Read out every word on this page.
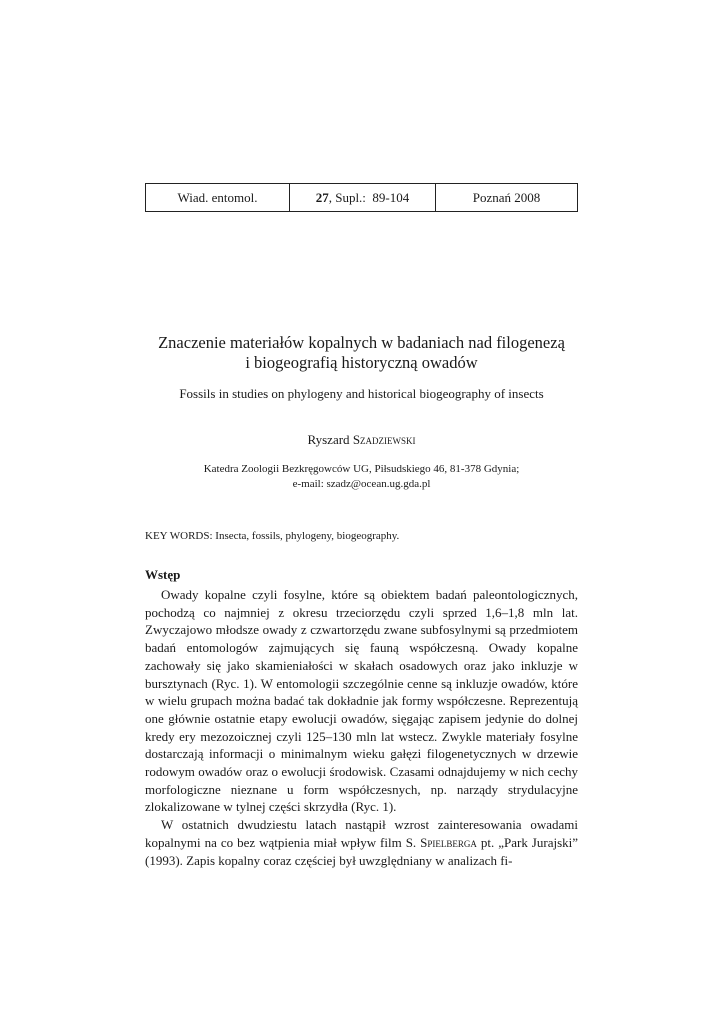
Wiad. entomol.	27 , Supl.:  89-104	Poznań 2008
Znaczenie materiałów kopalnych w badaniach nad filogenezą
i biogeografią historyczną owadów
Fossils in studies on phylogeny and historical biogeography of insects
Ryszard Szadziewski
Katedra Zoologii Bezkręgowców UG, Piłsudskiego 46, 81-378 Gdynia;
e-mail: szadz@ocean.ug.gda.pl
KEY WORDS: Insecta, fossils, phylogeny, biogeography.
Wstęp

Owady kopalne czyli fosylne, które są obiektem badań paleontologicznych, pochodzą co najmniej z okresu trzeciorzędu czyli sprzed 1,6–1,8 mln lat. Zwyczajowo młodsze owady z czwartorzędu zwane subfosylnymi są przedmiotem badań entomologów zajmujących się fauną współczesną. Owady kopalne zachowały się jako skamieniałości w skałach osadowych oraz jako inkluzje w bursztynach (Ryc. 1). W entomologii szczególnie cenne są inkluzje owadów, które w wielu grupach można badać tak dokładnie jak formy współczesne. Reprezentują one głównie ostatnie etapy ewolucji owadów, sięgając zapisem jedynie do dolnej kredy ery mezozoicznej czyli 125–130 mln lat wstecz. Zwykle materiały fosylne dostarczają informacji o minimalnym wieku gałęzi filogenetycznych w drzewie rodowym owadów oraz o ewolucji środowisk. Czasami odnajdujemy w nich cechy morfologiczne nieznane u form współczesnych, np. narządy strydulacyjne zlokalizowane w tylnej części skrzydła (Ryc. 1).

W ostatnich dwudziestu latach nastąpił wzrost zainteresowania owadami kopalnymi na co bez wątpienia miał wpływ film S. Spielberga pt. „Park Jurajski” (1993). Zapis kopalny coraz częściej był uwzględniany w analizach fi-
